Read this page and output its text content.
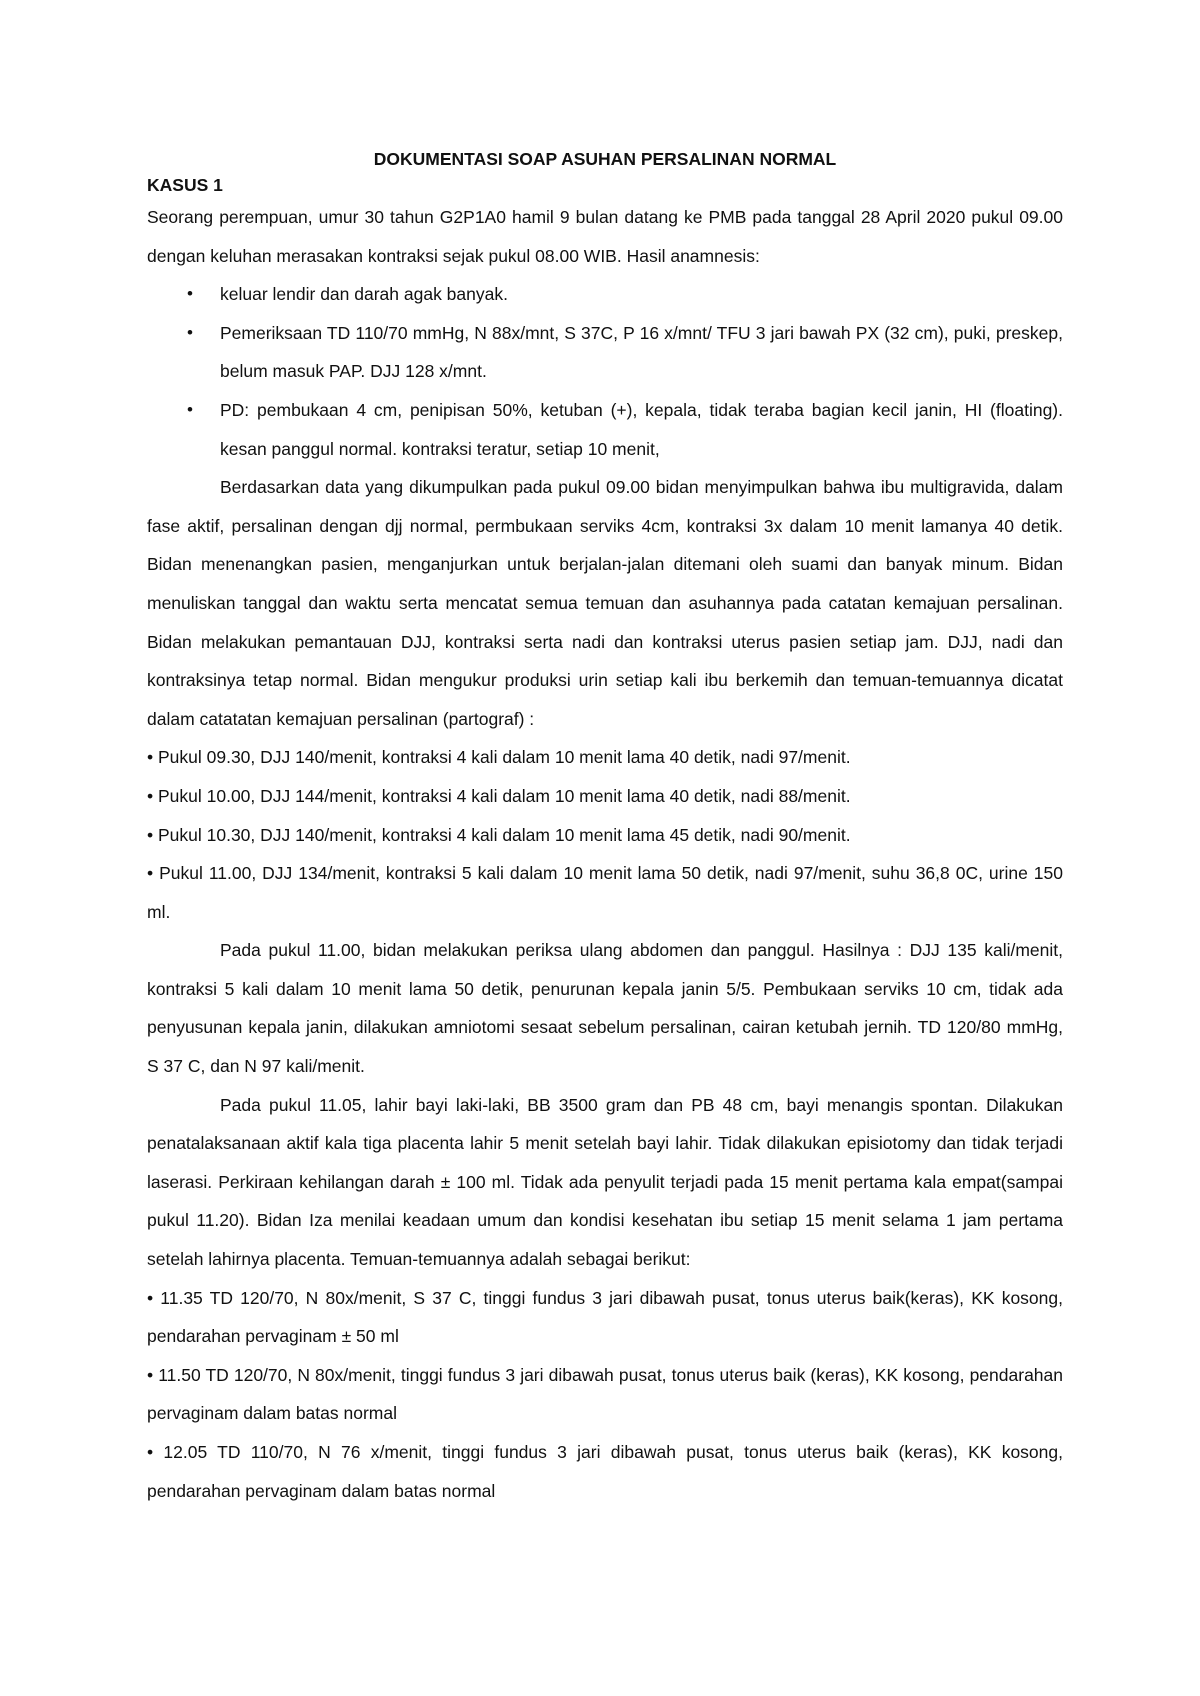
DOKUMENTASI SOAP ASUHAN PERSALINAN NORMAL
KASUS 1

Seorang perempuan, umur 30 tahun G2P1A0 hamil 9 bulan datang ke PMB pada tanggal 28 April 2020 pukul 09.00 dengan keluhan merasakan kontraksi sejak pukul 08.00 WIB. Hasil anamnesis:

• keluar lendir dan darah agak banyak.
• Pemeriksaan TD 110/70 mmHg, N 88x/mnt, S 37C, P 16 x/mnt/ TFU 3 jari bawah PX (32 cm), puki, preskep, belum masuk PAP. DJJ 128 x/mnt.
• PD: pembukaan 4 cm, penipisan 50%, ketuban (+), kepala, tidak teraba bagian kecil janin, HI (floating). kesan panggul normal. kontraksi teratur, setiap 10 menit,

Berdasarkan data yang dikumpulkan pada pukul 09.00 bidan menyimpulkan bahwa ibu multigravida, dalam fase aktif, persalinan dengan djj normal, permbukaan serviks 4cm, kontraksi 3x dalam 10 menit lamanya 40 detik. Bidan menenangkan pasien, menganjurkan untuk berjalan-jalan ditemani oleh suami dan banyak minum. Bidan menuliskan tanggal dan waktu serta mencatat semua temuan dan asuhannya pada catatan kemajuan persalinan. Bidan melakukan pemantauan DJJ, kontraksi serta nadi dan kontraksi uterus pasien setiap jam. DJJ, nadi dan kontraksinya tetap normal. Bidan mengukur produksi urin setiap kali ibu berkemih dan temuan-temuannya dicatat dalam catatatan kemajuan persalinan (partograf) :

• Pukul 09.30, DJJ 140/menit, kontraksi 4 kali dalam 10 menit lama 40 detik, nadi 97/menit.

• Pukul 10.00, DJJ 144/menit, kontraksi 4 kali dalam 10 menit lama 40 detik, nadi 88/menit.

• Pukul 10.30, DJJ 140/menit, kontraksi 4 kali dalam 10 menit lama 45 detik, nadi 90/menit.

• Pukul 11.00, DJJ 134/menit, kontraksi 5 kali dalam 10 menit lama 50 detik, nadi 97/menit, suhu 36,8 0C, urine 150 ml.

Pada pukul 11.00, bidan melakukan periksa ulang abdomen dan panggul. Hasilnya : DJJ 135 kali/menit, kontraksi 5 kali dalam 10 menit lama 50 detik, penurunan kepala janin 5/5. Pembukaan serviks 10 cm, tidak ada penyusunan kepala janin, dilakukan amniotomi sesaat sebelum persalinan, cairan ketubah jernih. TD 120/80 mmHg, S 37 C, dan N 97 kali/menit.

Pada pukul 11.05, lahir bayi laki-laki, BB 3500 gram dan PB 48 cm, bayi menangis spontan. Dilakukan penatalaksanaan aktif kala tiga placenta lahir 5 menit setelah bayi lahir. Tidak dilakukan episiotomy dan tidak terjadi laserasi. Perkiraan kehilangan darah ± 100 ml. Tidak ada penyulit terjadi pada 15 menit pertama kala empat(sampai pukul 11.20). Bidan Iza menilai keadaan umum dan kondisi kesehatan ibu setiap 15 menit selama 1 jam pertama setelah lahirnya placenta. Temuan-temuannya adalah sebagai berikut:

• 11.35 TD 120/70, N 80x/menit, S 37 C, tinggi fundus 3 jari dibawah pusat, tonus uterus baik(keras), KK kosong, pendarahan pervaginam ± 50 ml

• 11.50 TD 120/70, N 80x/menit, tinggi fundus 3 jari dibawah pusat, tonus uterus baik (keras), KK kosong, pendarahan pervaginam dalam batas normal

• 12.05 TD 110/70, N 76 x/menit, tinggi fundus 3 jari dibawah pusat, tonus uterus baik (keras), KK kosong, pendarahan pervaginam dalam batas normal
